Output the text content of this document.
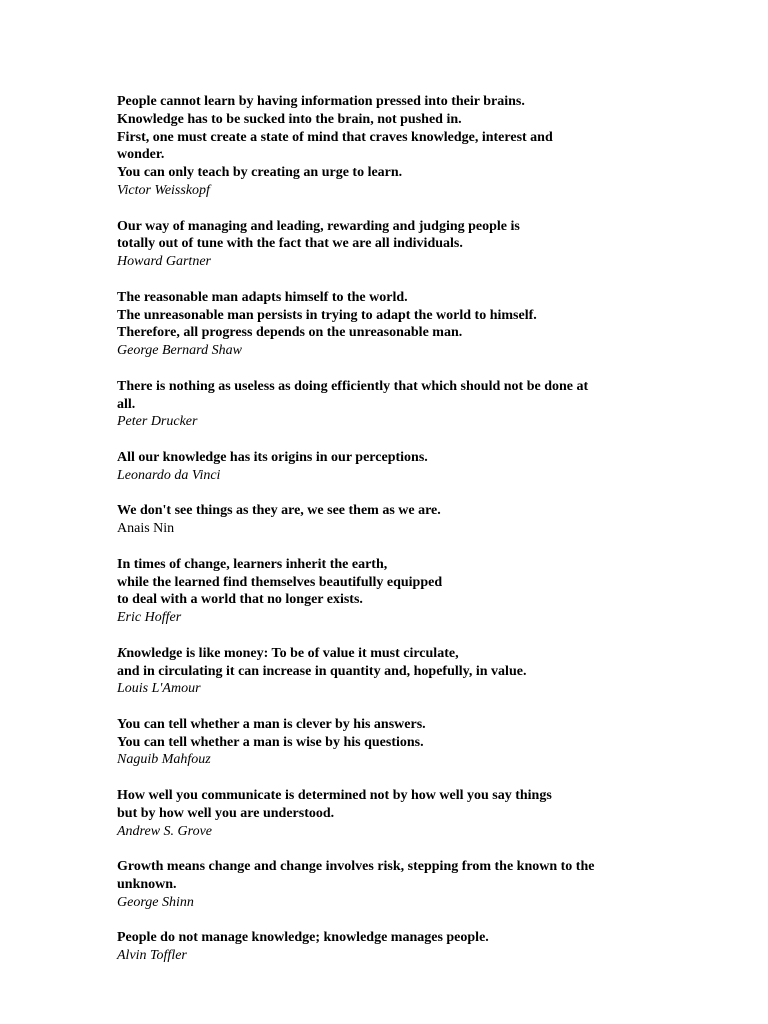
People cannot learn by having information pressed into their brains.
Knowledge has to be sucked into the brain, not pushed in.
First, one must create a state of mind that craves knowledge, interest and
wonder.
You can only teach by creating an urge to learn.
Victor Weisskopf
Our way of managing and leading, rewarding and judging people is
totally out of tune with the fact that we are all individuals.
Howard Gartner
The reasonable man adapts himself to the world.
The unreasonable man persists in trying to adapt the world to himself.
Therefore, all progress depends on the unreasonable man.
George Bernard Shaw
There is nothing as useless as doing efficiently that which should not be done at
all.
Peter Drucker
All our knowledge has its origins in our perceptions.
Leonardo da Vinci
We don't see things as they are, we see them as we are.
Anais Nin
In times of change, learners inherit the earth,
while the learned find themselves beautifully equipped
to deal with a world that no longer exists.
Eric Hoffer
Knowledge is like money: To be of value it must circulate,
and in circulating it can increase in quantity and, hopefully, in value.
Louis L'Amour
You can tell whether a man is clever by his answers.
You can tell whether a man is wise by his questions.
Naguib Mahfouz
How well you communicate is determined not by how well you say things
but by how well you are understood.
Andrew S. Grove
Growth means change and change involves risk, stepping from the known to the
unknown.
George Shinn
People do not manage knowledge; knowledge manages people.
Alvin Toffler
